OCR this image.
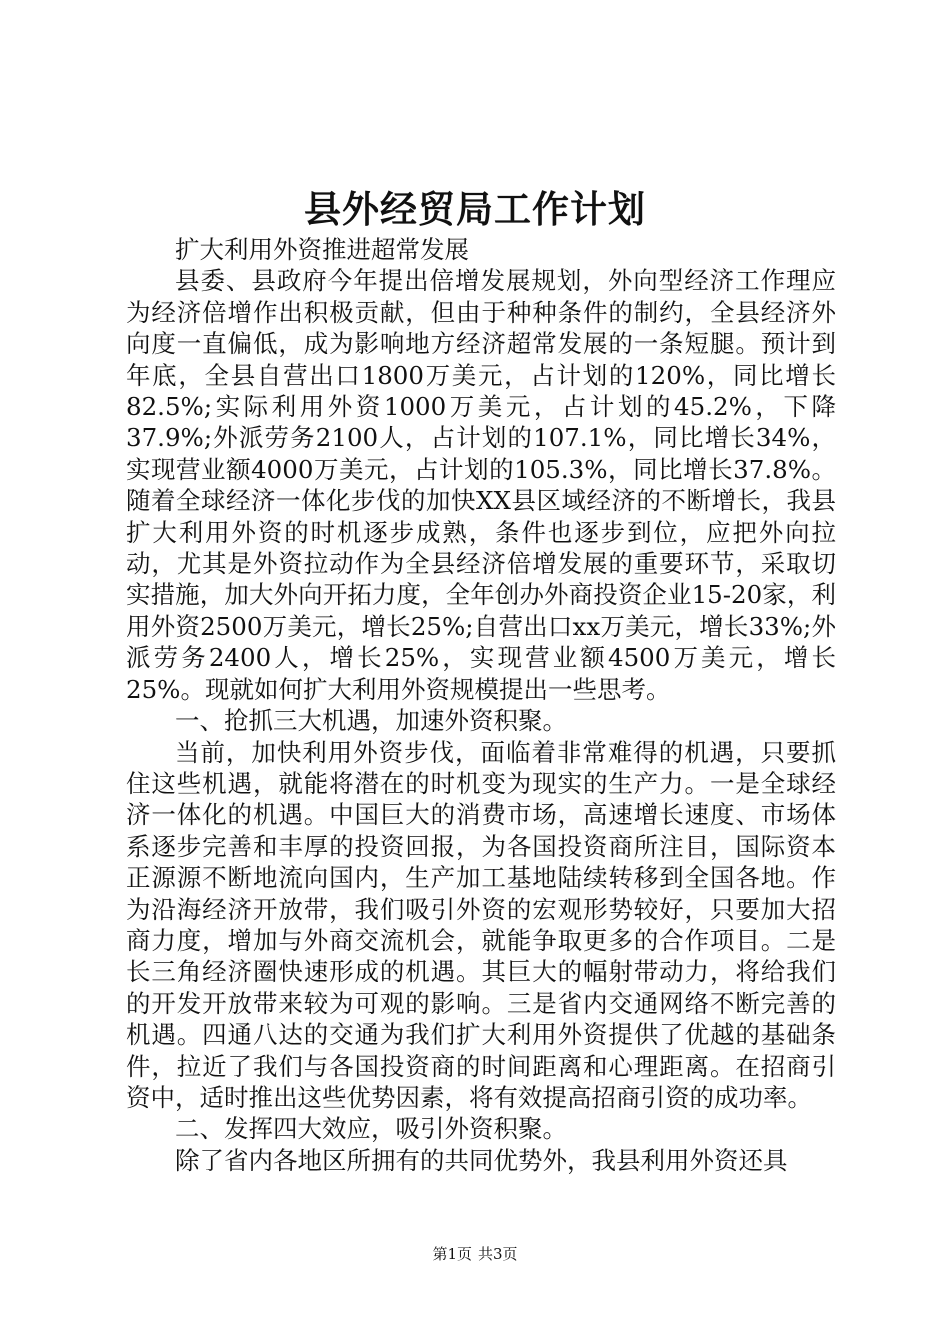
县外经贸局工作计划

扩大利用外资推进超常发展

县委、县政府今年提出倍增发展规划，外向型经济工作理应为经济倍增作出积极贡献，但由于种种条件的制约，全县经济外向度一直偏低，成为影响地方经济超常发展的一条短腿。预计到年底，全县自营出口1800万美元，占计划的120%，同比增长82.5%;实际利用外资1000万美元，占计划的45.2%，下降37.9%;外派劳务2100人，占计划的107.1%，同比增长34%，实现营业额4000万美元，占计划的105.3%，同比增长37.8%。随着全球经济一体化步伐的加快XX县区域经济的不断增长，我县扩大利用外资的时机逐步成熟，条件也逐步到位，应把外向拉动，尤其是外资拉动作为全县经济倍增发展的重要环节，采取切实措施，加大外向开拓力度，全年创办外商投资企业15-20家，利用外资2500万美元，增长25%;自营出口xx万美元，增长33%;外派劳务2400人，增长25%，实现营业额4500万美元，增长25%。现就如何扩大利用外资规模提出一些思考。

一、抢抓三大机遇，加速外资积聚。

当前，加快利用外资步伐，面临着非常难得的机遇，只要抓住这些机遇，就能将潜在的时机变为现实的生产力。一是全球经济一体化的机遇。中国巨大的消费市场，高速增长速度、市场体系逐步完善和丰厚的投资回报，为各国投资商所注目，国际资本正源源不断地流向国内，生产加工基地陆续转移到全国各地。作为沿海经济开放带，我们吸引外资的宏观形势较好，只要加大招商力度，增加与外商交流机会，就能争取更多的合作项目。二是长三角经济圈快速形成的机遇。其巨大的幅射带动力，将给我们的开发开放带来较为可观的影响。三是省内交通网络不断完善的机遇。四通八达的交通为我们扩大利用外资提供了优越的基础条件，拉近了我们与各国投资商的时间距离和心理距离。在招商引资中，适时推出这些优势因素，将有效提高招商引资的成功率。

二、发挥四大效应，吸引外资积聚。

除了省内各地区所拥有的共同优势外，我县利用外资还具

第1页 共3页
